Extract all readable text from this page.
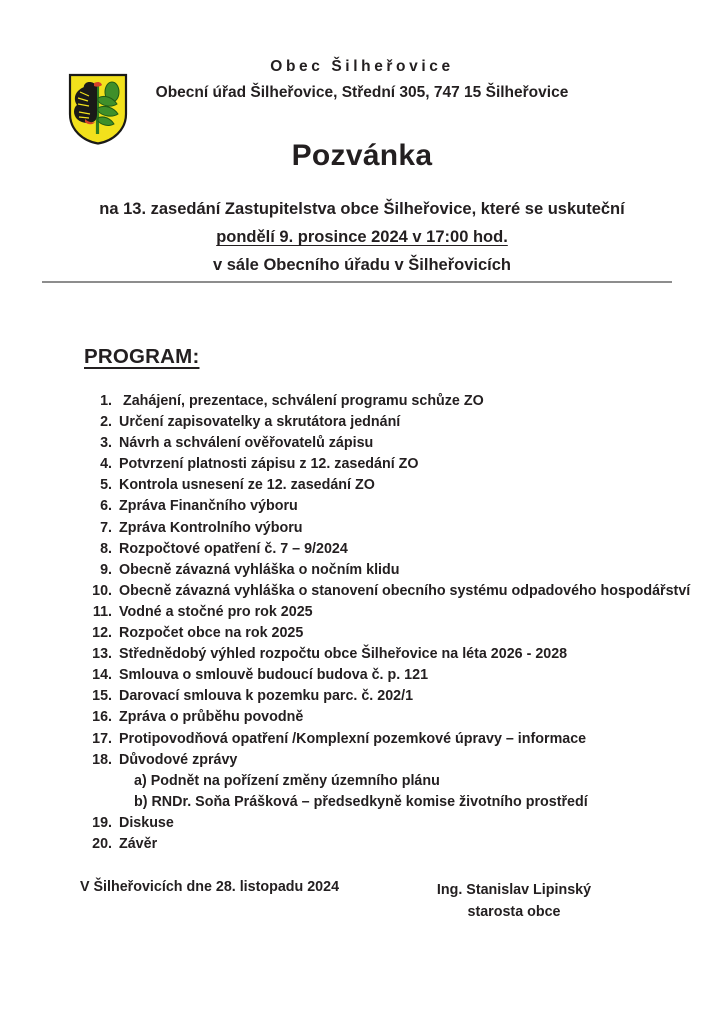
Obec Šilheřovice
Obecní úřad Šilheřovice, Střední 305, 747 15 Šilheřovice
Pozvánka
na 13. zasedání Zastupitelstva obce Šilheřovice, které se uskuteční
pondělí 9. prosince 2024 v 17:00 hod.
v sále Obecního úřadu v Šilheřovicích
PROGRAM:
1. Zahájení, prezentace, schválení programu schůze ZO
2. Určení zapisovatelky a skrutátora jednání
3. Návrh a schválení ověřovatelů zápisu
4. Potvrzení platnosti zápisu z 12. zasedání ZO
5. Kontrola usnesení ze 12. zasedání ZO
6. Zpráva Finančního výboru
7. Zpráva Kontrolního výboru
8. Rozpočtové opatření č. 7 – 9/2024
9. Obecně závazná vyhláška o nočním klidu
10. Obecně závazná vyhláška o stanovení obecního systému odpadového hospodářství
11. Vodné a stočné pro rok 2025
12. Rozpočet obce na rok 2025
13. Střednědobý výhled rozpočtu obce Šilheřovice na léta 2026 - 2028
14. Smlouva o smlouvě budoucí budova č. p. 121
15. Darovací smlouva k pozemku parc. č. 202/1
16. Zpráva o průběhu povodně
17. Protipovodňová opatření /Komplexní pozemkové úpravy – informace
18. Důvodové zprávy
a) Podnět na pořízení změny územního plánu
b) RNDr. Soňa Prášková – předsedkyně komise životního prostředí
19. Diskuse
20. Závěr
V Šilheřovicích dne 28. listopadu 2024	Ing. Stanislav Lipinský
starosta obce
